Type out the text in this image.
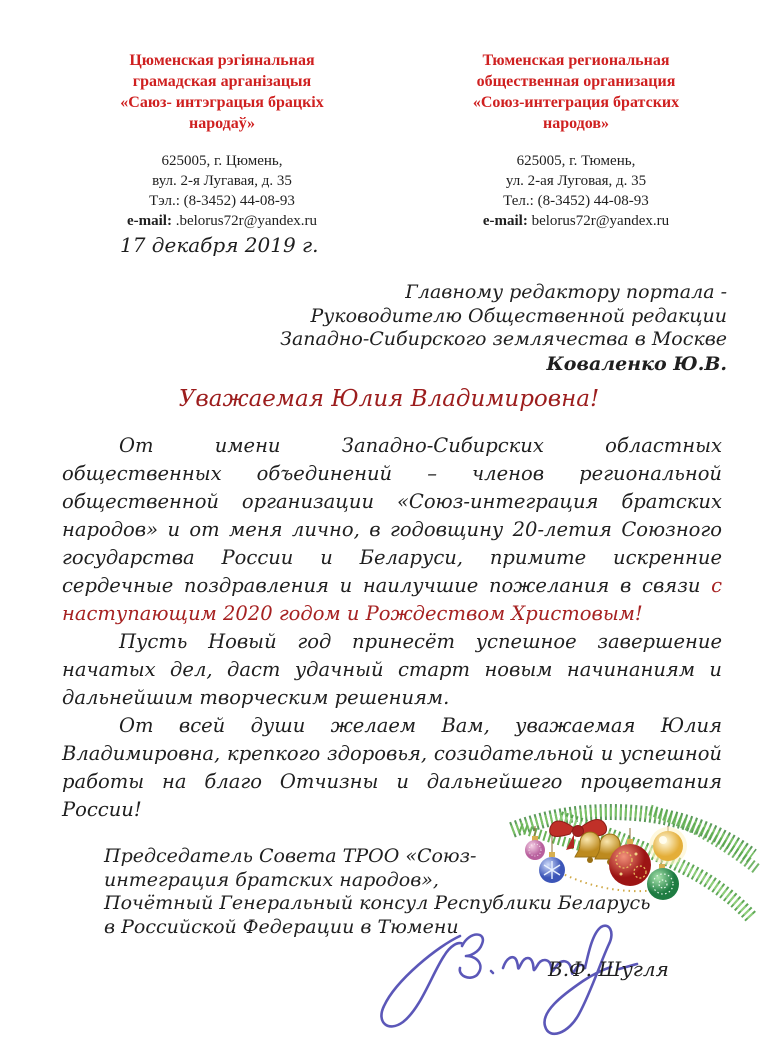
Цюменская рэгіянальная
грамадская арганізацыя
«Саюз- интэграцыя брацкіх
народаў»
625005, г. Цюмень,
вул. 2-я Лугавая, д. 35
Тэл.: (8-3452) 44-08-93
e-mail: .belorus72r@yandex.ru
Тюменская региональная
общественная организация
«Союз-интеграция братских
народов»
625005, г. Тюмень,
ул. 2-ая Луговая, д. 35
Тел.: (8-3452) 44-08-93
e-mail: belorus72r@yandex.ru
17 декабря 2019 г.
Главному редактору портала -
Руководителю Общественной редакции
Западно-Сибирского землячества в Москве
Коваленко Ю.В.
Уважаемая Юлия Владимировна!

От имени Западно-Сибирских областных общественных объединений – членов региональной общественной организации «Союз-интеграция братских народов» и от меня лично, в годовщину 20-летия Союзного государства России и Беларуси, примите искренние сердечные поздравления и наилучшие пожелания в связи с наступающим 2020 годом и Рождеством Христовым!

Пусть Новый год принесёт успешное завершение начатых дел, даст удачный старт новым начинаниям и дальнейшим творческим решениям.

От всей души желаем Вам, уважаемая Юлия Владимировна, крепкого здоровья, созидательной и успешной работы на благо Отчизны и дальнейшего процветания России!

Председатель Совета ТРОО «Союз-
интеграция братских народов»,
Почётный Генеральный консул Республики Беларусь
в Российской Федерации в Тюмени
В.Ф. Шугля
